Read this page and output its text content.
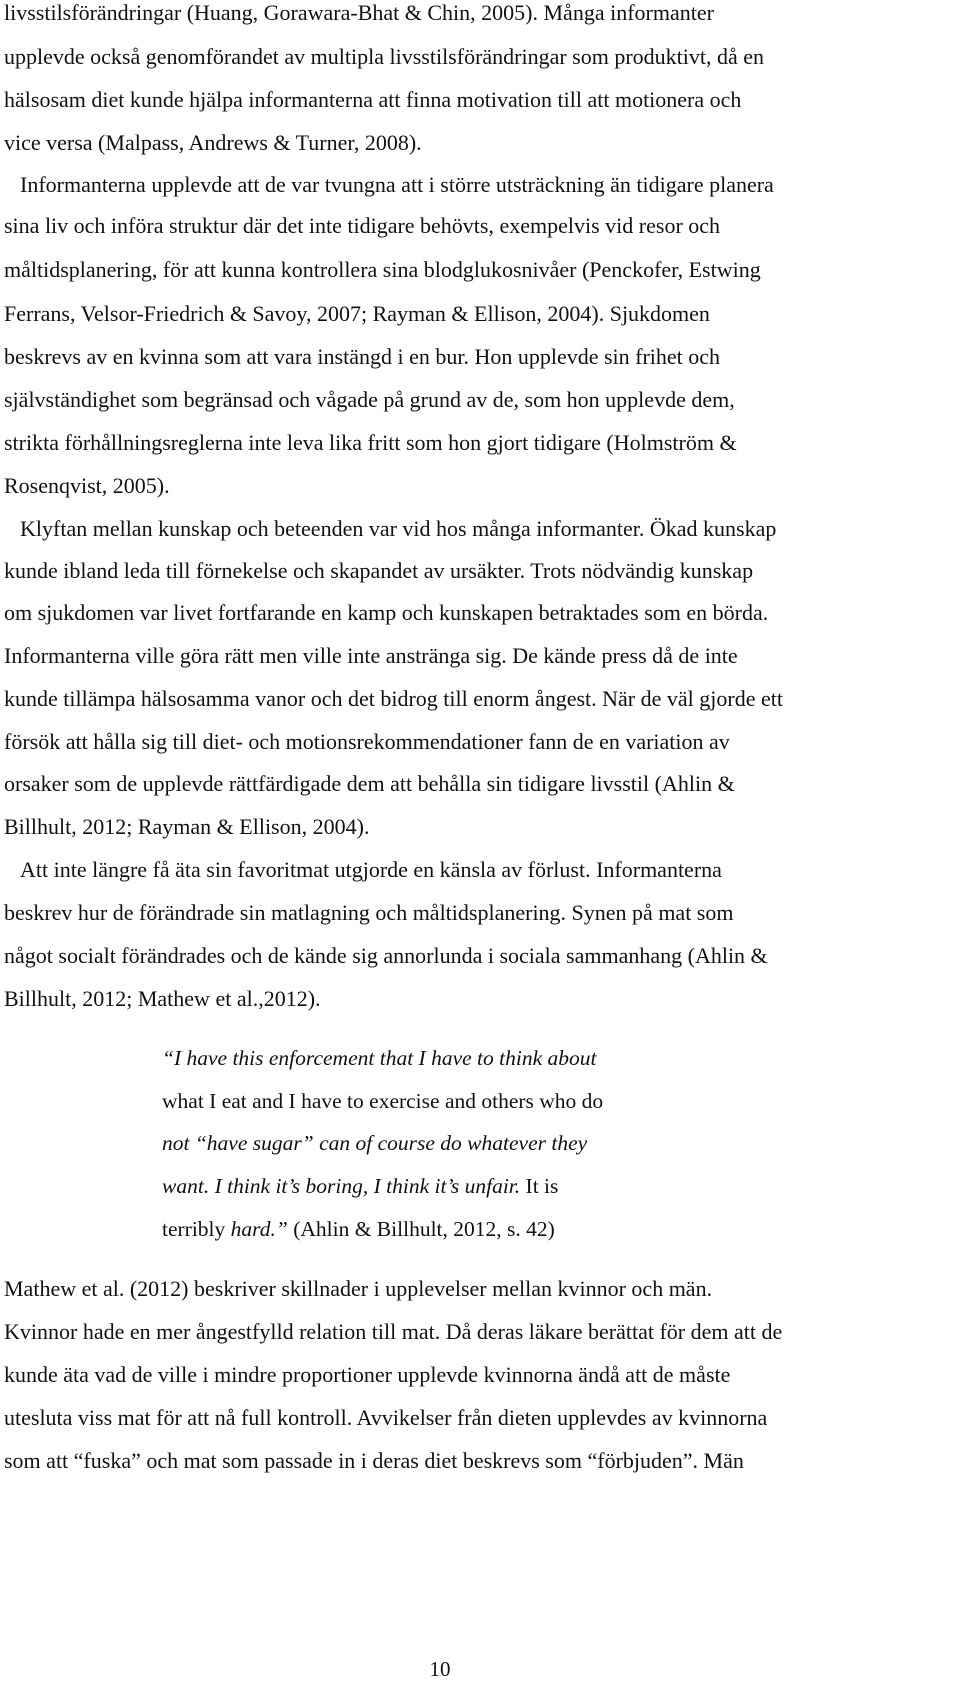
livsstilsförändringar (Huang, Gorawara-Bhat & Chin, 2005). Många informanter
upplevde också genomförandet av multipla livsstilsförändringar som produktivt, då en
hälsosam diet kunde hjälpa informanterna att finna motivation till att motionera och
vice versa (Malpass, Andrews & Turner, 2008).
Informanterna upplevde att de var tvungna att i större utsträckning än tidigare planera
sina liv och införa struktur där det inte tidigare behövts, exempelvis vid resor och
måltidsplanering, för att kunna kontrollera sina blodglukosnivåer (Penckofer, Estwing
Ferrans, Velsor-Friedrich & Savoy, 2007; Rayman & Ellison, 2004). Sjukdomen
beskrevs av en kvinna som att vara instängd i en bur. Hon upplevde sin frihet och
självständighet som begränsad och vågade på grund av de, som hon upplevde dem,
strikta förhållningsreglerna inte leva lika fritt som hon gjort tidigare (Holmström &
Rosenqvist, 2005).
Klyftan mellan kunskap och beteenden var vid hos många informanter. Ökad kunskap
kunde ibland leda till förnekelse och skapandet av ursäkter. Trots nödvändig kunskap
om sjukdomen var livet fortfarande en kamp och kunskapen betraktades som en börda.
Informanterna ville göra rätt men ville inte anstränga sig. De kände press då de inte
kunde tillämpa hälsosamma vanor och det bidrog till enorm ångest. När de väl gjorde ett
försök att hålla sig till diet- och motionsrekommendationer fann de en variation av
orsaker som de upplevde rättfärdigade dem att behålla sin tidigare livsstil (Ahlin &
Billhult, 2012; Rayman & Ellison, 2004).
Att inte längre få äta sin favoritmat utgjorde en känsla av förlust. Informanterna
beskrev hur de förändrade sin matlagning och måltidsplanering. Synen på mat som
något socialt förändrades och de kände sig annorlunda i sociala sammanhang (Ahlin &
Billhult, 2012; Mathew et al.,2012).
“I have this enforcement that I have to think about
what I eat and I have to exercise and others who do
not “have sugar” can of course do whatever they
want. I think it’s boring, I think it’s unfair. It is
terribly hard.” (Ahlin & Billhult, 2012, s. 42)
Mathew et al. (2012) beskriver skillnader i upplevelser mellan kvinnor och män.
Kvinnor hade en mer ångestfylld relation till mat. Då deras läkare berättat för dem att de
kunde äta vad de ville i mindre proportioner upplevde kvinnorna ändå att de måste
utesluta viss mat för att nå full kontroll. Avvikelser från dieten upplevdes av kvinnorna
som att “fuska” och mat som passade in i deras diet beskrevs som “förbjuden”. Män
10
